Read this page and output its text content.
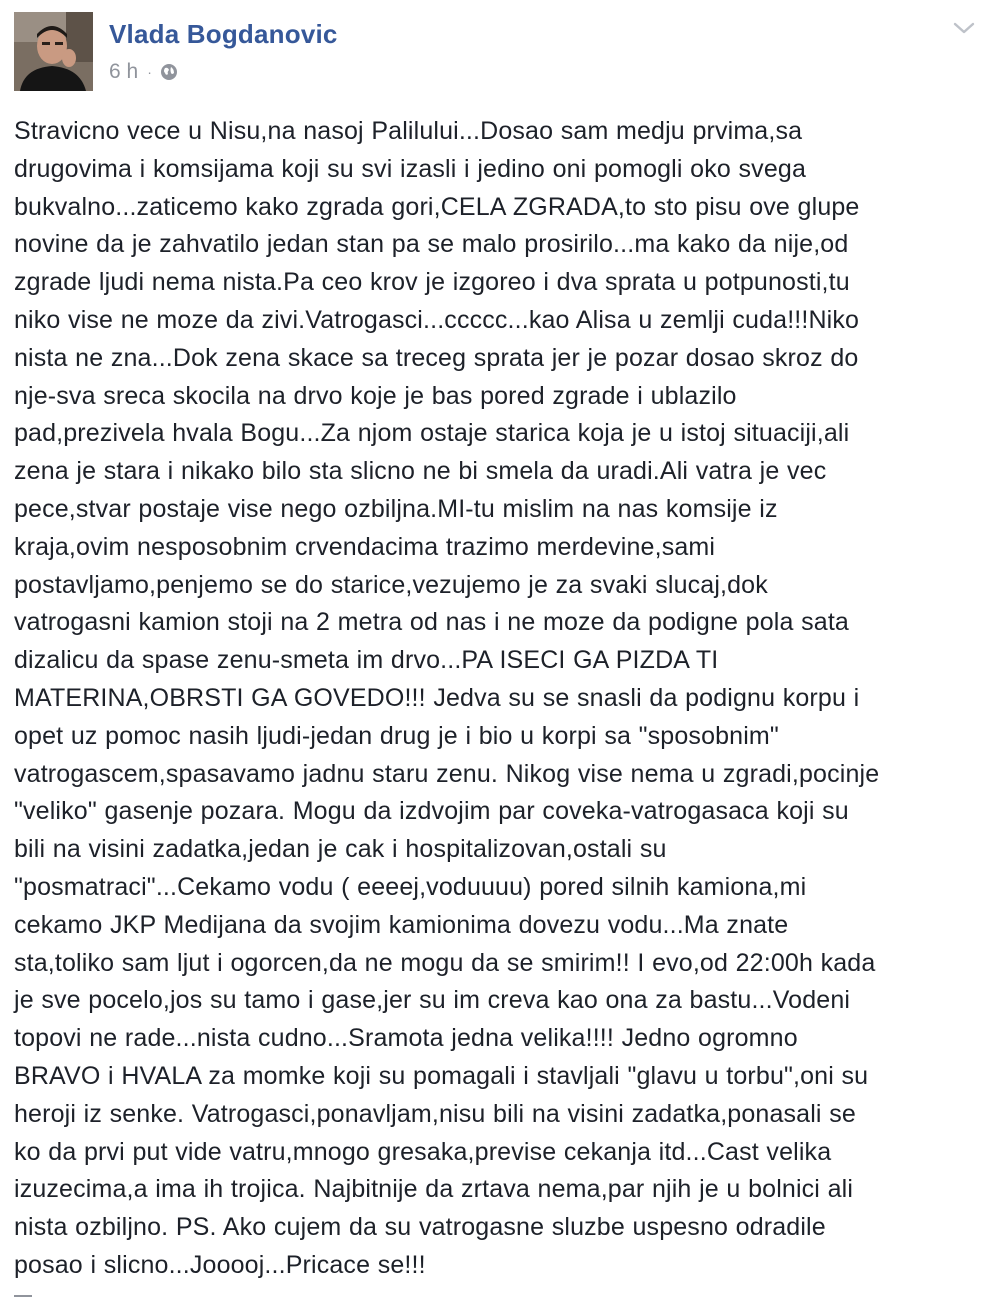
Vlada Bogdanovic
6 h ·
Stravicno vece u Nisu,na nasoj Palilului...Dosao sam medju prvima,sa
drugovima i komsijama koji su svi izasli i jedino oni pomogli oko svega
bukvalno...zaticemo kako zgrada gori,CELA ZGRADA,to sto pisu ove glupe
novine da je zahvatilo jedan stan pa se malo prosirilo...ma kako da nije,od
zgrade ljudi nema nista.Pa ceo krov je izgoreo i dva sprata u potpunosti,tu
niko vise ne moze da zivi.Vatrogasci...ccccc...kao Alisa u zemlji cuda!!!Niko
nista ne zna...Dok zena skace sa treceg sprata jer je pozar dosao skroz do
nje-sva sreca skocila na drvo koje je bas pored zgrade i ublazilo
pad,prezivela hvala Bogu...Za njom ostaje starica koja je u istoj situaciji,ali
zena je stara i nikako bilo sta slicno ne bi smela da uradi.Ali vatra je vec
pece,stvar postaje vise nego ozbiljna.MI-tu mislim na nas komsije iz
kraja,ovim nesposobnim crvendacima trazimo merdevine,sami
postavljamo,penjemo se do starice,vezujemo je za svaki slucaj,dok
vatrogasni kamion stoji na 2 metra od nas i ne moze da podigne pola sata
dizalicu da spase zenu-smeta im drvo...PA ISECI GA PIZDA TI
MATERINA,OBRSTI GA GOVEDO!!! Jedva su se snasli da podignu korpu i
opet uz pomoc nasih ljudi-jedan drug je i bio u korpi sa "sposobnim"
vatrogascem,spasavamo jadnu staru zenu. Nikog vise nema u zgradi,pocinje
"veliko" gasenje pozara. Mogu da izdvojim par coveka-vatrogasaca koji su
bili na visini zadatka,jedan je cak i hospitalizovan,ostali su
"posmatraci"...Cekamo vodu ( eeeej,voduuuu) pored silnih kamiona,mi
cekamo JKP Medijana da svojim kamionima dovezu vodu...Ma znate
sta,toliko sam ljut i ogorcen,da ne mogu da se smirim!! I evo,od 22:00h kada
je sve pocelo,jos su tamo i gase,jer su im creva kao ona za bastu...Vodeni
topovi ne rade...nista cudno...Sramota jedna velika!!!! Jedno ogromno
BRAVO i HVALA za momke koji su pomagali i stavljali "glavu u torbu",oni su
heroji iz senke. Vatrogasci,ponavljam,nisu bili na visini zadatka,ponasali se
ko da prvi put vide vatru,mnogo gresaka,previse cekanja itd...Cast velika
izuzecima,a ima ih trojica. Najbitnije da zrtava nema,par njih je u bolnici ali
nista ozbiljno. PS. Ako cujem da su vatrogasne sluzbe uspesno odradile
posao i slicno...Jooooj...Pricace se!!!
